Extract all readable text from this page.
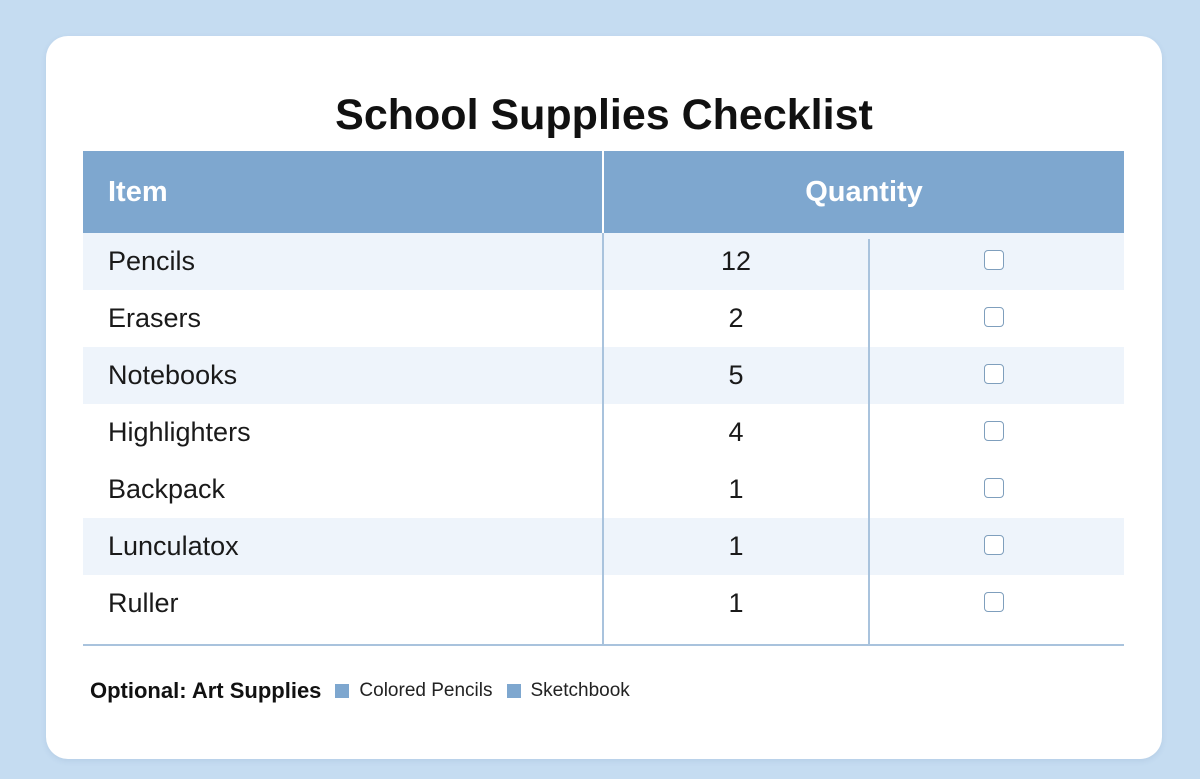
School Supplies Checklist
Item	Quantity
Pencils	12
Erasers	2
Notebooks	5
Highlighters	4
Backpack	1
Lunculatox	1
Ruller	1
Optional: Art Supplies Colored Pencils Sketchbook
